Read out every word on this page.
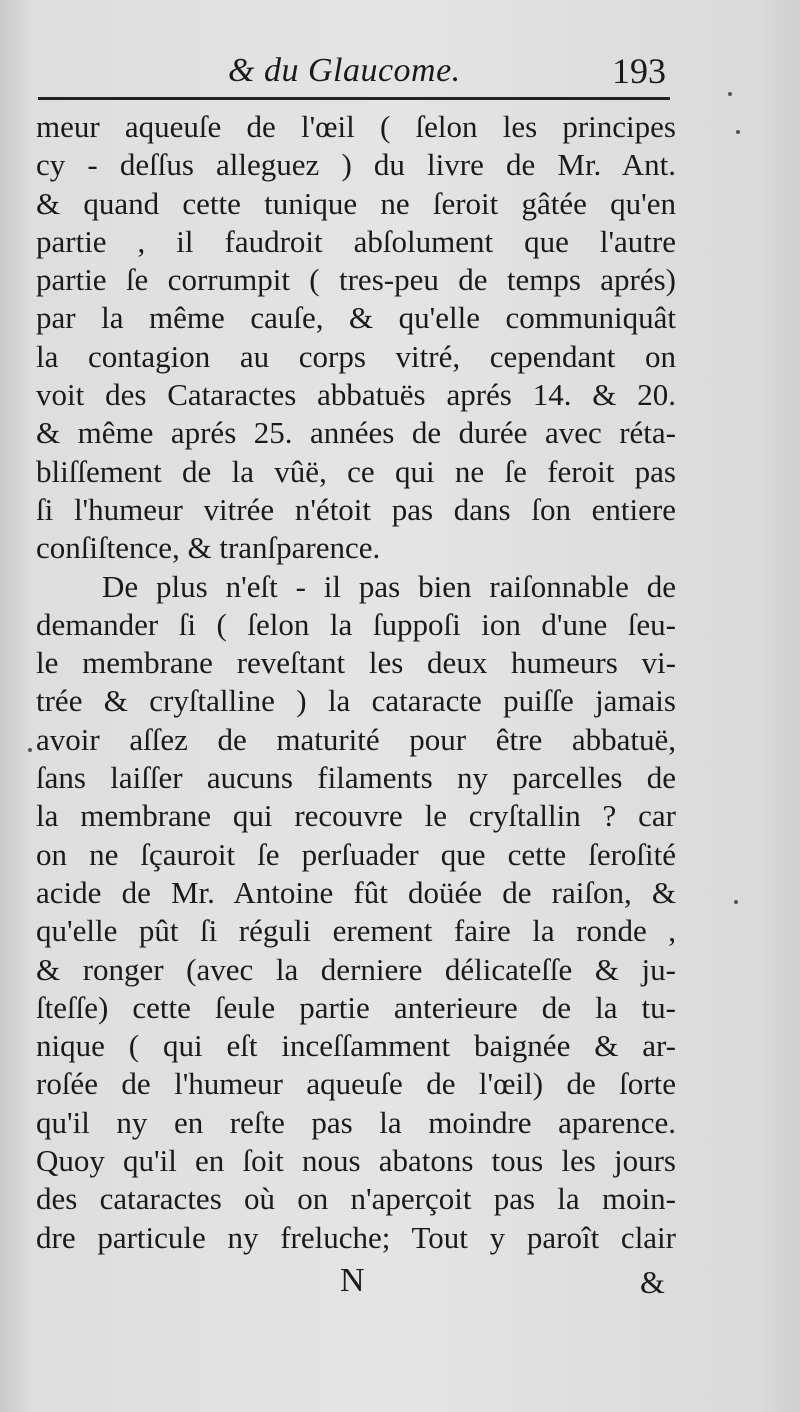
& du Glaucome.	193
meur aqueuſe de l'œil ( ſelon les principes
cy - deſſus alleguez ) du livre de Mr. Ant.
& quand cette tunique ne ſeroit gâtée qu'en
partie , il faudroit abſolument que l'autre
partie ſe corrumpit ( tres-peu de temps aprés)
par la même cauſe, & qu'elle communiquât
la contagion au corps vitré, cependant on
voit des Cataractes abbatuës aprés 14. & 20.
& même aprés 25. années de durée avec réta-
bliſſement de la vûë, ce qui ne ſe feroit pas
ſi l'humeur vitrée n'étoit pas dans ſon entiere
conſiſtence, & tranſparence.
De plus n'eſt - il pas bien raiſonnable de
demander ſi ( ſelon la ſuppoſi ion d'une ſeu-
le membrane reveſtant les deux humeurs vi-
trée & cryſtalline ) la cataracte puiſſe jamais
avoir aſſez de maturité pour être abbatuë,
ſans laiſſer aucuns filaments ny parcelles de
la membrane qui recouvre le cryſtallin ? car
on ne ſçauroit ſe perſuader que cette ſeroſité
acide de Mr. Antoine fût doüée de raiſon, &
qu'elle pût ſi réguli erement faire la ronde ,
& ronger (avec la derniere délicateſſe & ju-
ſteſſe) cette ſeule partie anterieure de la tu-
nique ( qui eſt inceſſamment baignée & ar-
roſée de l'humeur aqueuſe de l'œil) de ſorte
qu'il ny en reſte pas la moindre aparence.
Quoy qu'il en ſoit nous abatons tous les jours
des cataractes où on n'aperçoit pas la moin-
dre particule ny freluche; Tout y paroît clair
N	&
